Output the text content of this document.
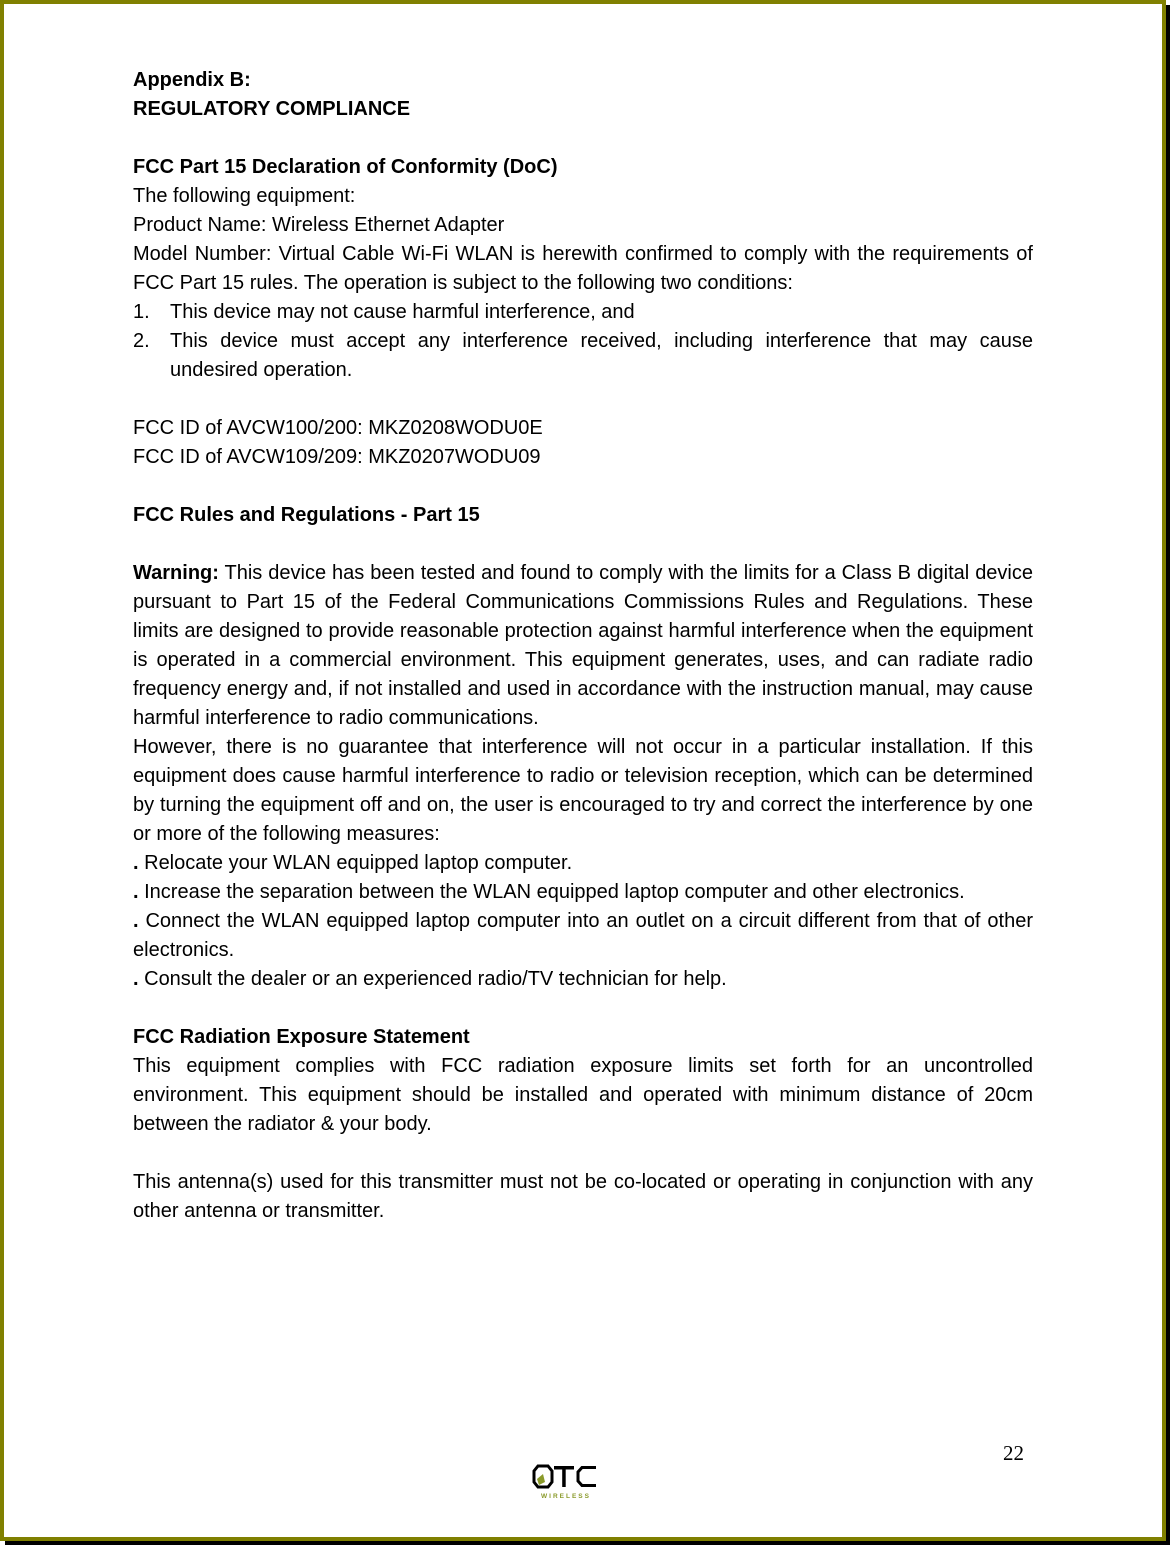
Appendix B:

REGULATORY COMPLIANCE

FCC Part 15 Declaration of Conformity (DoC)

The following equipment:

Product Name: Wireless Ethernet Adapter

Model Number: Virtual Cable Wi-Fi WLAN is herewith confirmed to comply with the requirements of FCC Part 15 rules. The operation is subject to the following two conditions:

1.	This device may not cause harmful interference, and
2.	This device must accept any interference received, including interference that may cause undesired operation.

FCC ID of AVCW100/200: MKZ0208WODU0E

FCC ID of AVCW109/209: MKZ0207WODU09

FCC Rules and Regulations - Part 15

Warning: This device has been tested and found to comply with the limits for a Class B digital device pursuant to Part 15 of the Federal Communications Commissions Rules and Regulations. These limits are designed to provide reasonable protection against harmful interference when the equipment is operated in a commercial environment. This equipment generates, uses, and can radiate radio frequency energy and, if not installed and used in accordance with the instruction manual, may cause harmful interference to radio communications.

However, there is no guarantee that interference will not occur in a particular installation. If this equipment does cause harmful interference to radio or television reception, which can be determined by turning the equipment off and on, the user is encouraged to try and correct the interference by one or more of the following measures:

. Relocate your WLAN equipped laptop computer.

. Increase the separation between the WLAN equipped laptop computer and other electronics.

. Connect the WLAN equipped laptop computer into an outlet on a circuit different from that of other electronics.

. Consult the dealer or an experienced radio/TV technician for help.

FCC Radiation Exposure Statement

This equipment complies with FCC radiation exposure limits set forth for an uncontrolled environment. This equipment should be installed and operated with minimum distance of 20cm between the radiator & your body.

This antenna(s) used for this transmitter must not be co-located or operating in conjunction with any other antenna or transmitter.

22
WIRELESS
